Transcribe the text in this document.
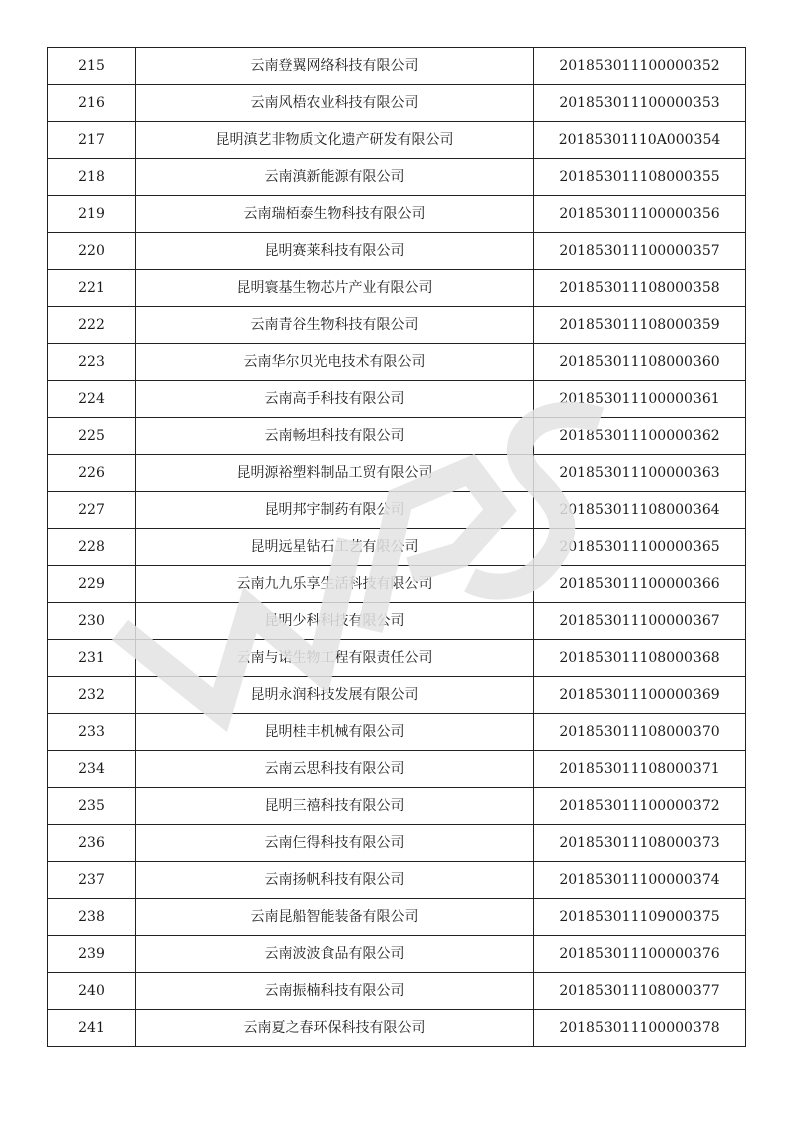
215	云南登翼网络科技有限公司	201853011100000352
216	云南风梧农业科技有限公司	201853011100000353
217	昆明滇艺非物质文化遗产研发有限公司	20185301110A000354
218	云南滇新能源有限公司	201853011108000355
219	云南瑞栢泰生物科技有限公司	201853011100000356
220	昆明赛莱科技有限公司	201853011100000357
221	昆明寰基生物芯片产业有限公司	201853011108000358
222	云南青谷生物科技有限公司	201853011108000359
223	云南华尔贝光电技术有限公司	201853011108000360
224	云南高手科技有限公司	201853011100000361
225	云南畅坦科技有限公司	201853011100000362
226	昆明源裕塑料制品工贸有限公司	201853011100000363
227	昆明邦宇制药有限公司	201853011108000364
228	昆明远星钻石工艺有限公司	201853011100000365
229	云南九九乐享生活科技有限公司	201853011100000366
230	昆明少科科技有限公司	201853011100000367
231	云南与诺生物工程有限责任公司	201853011108000368
232	昆明永润科技发展有限公司	201853011100000369
233	昆明桂丰机械有限公司	201853011108000370
234	云南云思科技有限公司	201853011108000371
235	昆明三禧科技有限公司	201853011100000372
236	云南仨得科技有限公司	201853011108000373
237	云南扬帆科技有限公司	201853011100000374
238	云南昆船智能装备有限公司	201853011109000375
239	云南波波食品有限公司	201853011100000376
240	云南振楠科技有限公司	201853011108000377
241	云南夏之春环保科技有限公司	201853011100000378
